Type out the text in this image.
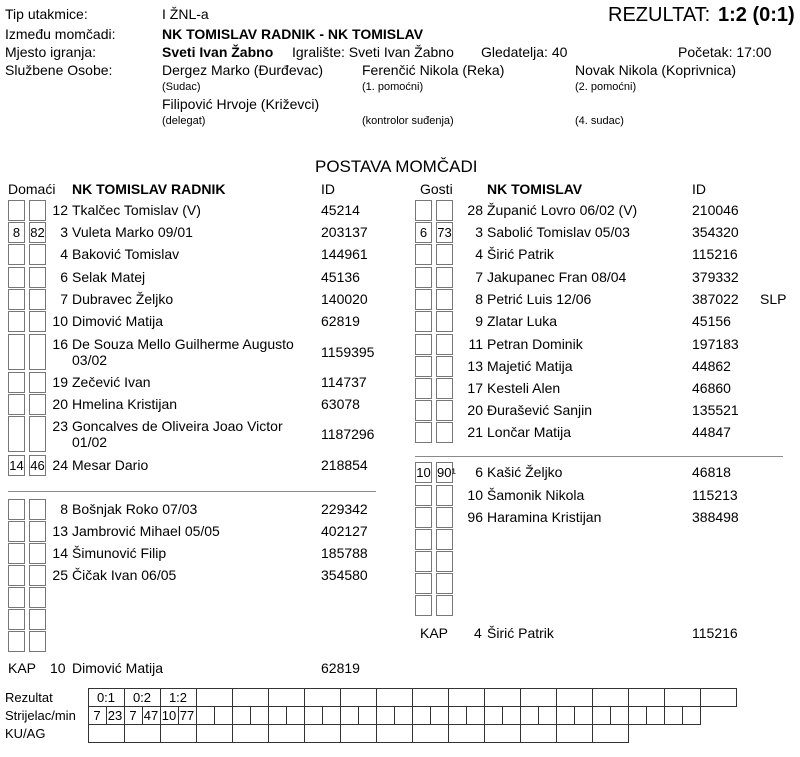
Tip utakmice:	I ŽNL-a	REZULTAT: 1:2 (0:1)
Između momčadi:	NK TOMISLAV RADNIK - NK TOMISLAV
Mjesto igranja:	Sveti Ivan Žabno Igralište: Sveti Ivan Žabno Gledatelja: 40	Početak: 17:00
Službene Osobe:	Dergez Marko (Đurđevac)	Ferenčić Nikola (Reka)	Novak Nikola (Koprivnica)
(Sudac)	(1. pomoćni)	(2. pomoćni)
Filipović Hrvoje (Križevci)
(delegat)	(kontrolor suđenja)	(4. sudac)
POSTAVA MOMČADI
Domaći NK TOMISLAV RADNIK	ID	Gosti NK TOMISLAV	ID
12 Tkalčec Tomislav (V)	45214
8 82	3 Vuleta Marko 09/01	203137
4 Baković Tomislav	144961
6 Selak Matej	45136
7 Dubravec Željko	140020
10 Dimović Matija	62819
16 De Souza Mello Guilherme Augusto 1159395
03/02
19 Zečević Ivan	114737
20 Hmelina Kristijan	63078
23 Goncalves de Oliveira Joao Victor	1187296
01/02
14 46 24 Mesar Dario	218854
8 Bošnjak Roko 07/03	229342
13 Jambrović Mihael 05/05	402127
14 Šimunović Filip	185788
25 Čičak Ivan 06/05	354580
28 Županić Lovro 06/02 (V)	210046
6 73	3 Sabolić Tomislav 05/03	354320
4 Širić Patrik	115216
7 Jakupanec Fran 08/04	379332
8 Petrić Luis 12/06	387022 SLP
9 Zlatar Luka	45156
11 Petran Dominik	197183
13 Majetić Matija	44862
17 Kesteli Alen	46860
20 Đurašević Sanjin	135521
21 Lončar Matija	44847
10 90¹	6 Kašić Željko	46818
10 Šamonik Nikola	115213
96 Haramina Kristijan	388498
KAP 10 Dimović Matija	62819
KAP 4 Širić Patrik	115216
Rezultat	0:1		0:2		1:2																														
Strijelac/min	7	23	7	47	10	77																													
KU/AG																																			
